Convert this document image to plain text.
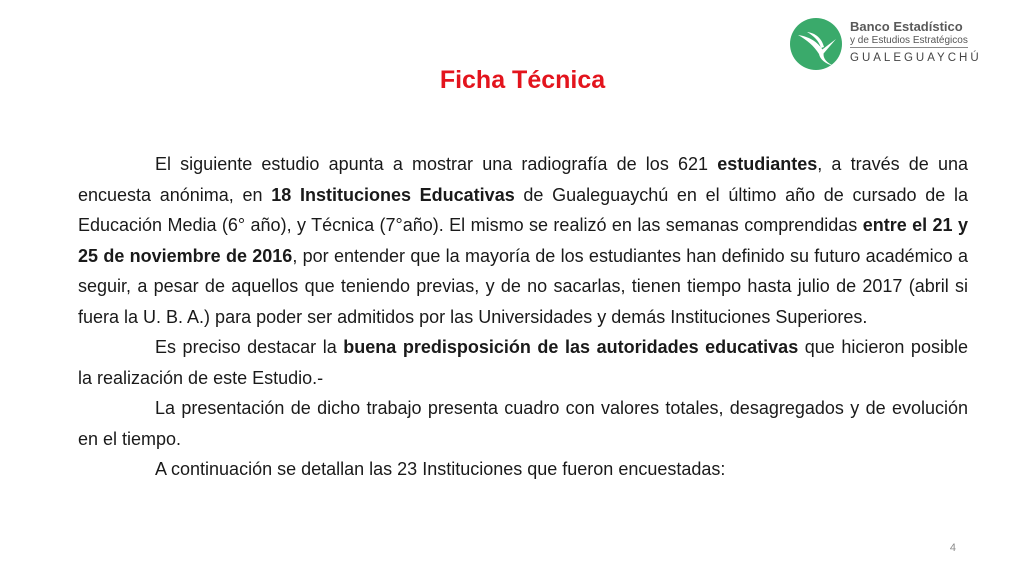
Banco Estadístico
y de Estudios Estratégicos
GUALEGUAYCHÚ
Ficha Técnica

El siguiente estudio apunta a mostrar una radiografía de los 621 estudiantes, a través de una encuesta anónima, en 18 Instituciones Educativas de Gualeguaychú en el último año de cursado de la Educación Media (6° año), y Técnica (7°año). El mismo se realizó en las semanas comprendidas entre el 21 y 25 de noviembre de 2016, por entender que la mayoría de los estudiantes han definido su futuro académico a seguir, a pesar de aquellos que teniendo previas, y de no sacarlas, tienen tiempo hasta julio de 2017 (abril si fuera la U. B. A.) para poder ser admitidos por las Universidades y demás Instituciones Superiores.

Es preciso destacar la buena predisposición de las autoridades educativas que hicieron posible la realización de este Estudio.-

La presentación de dicho trabajo presenta cuadro con valores totales, desagregados y de evolución en el tiempo.

A continuación se detallan las 23 Instituciones que fueron encuestadas:

4
